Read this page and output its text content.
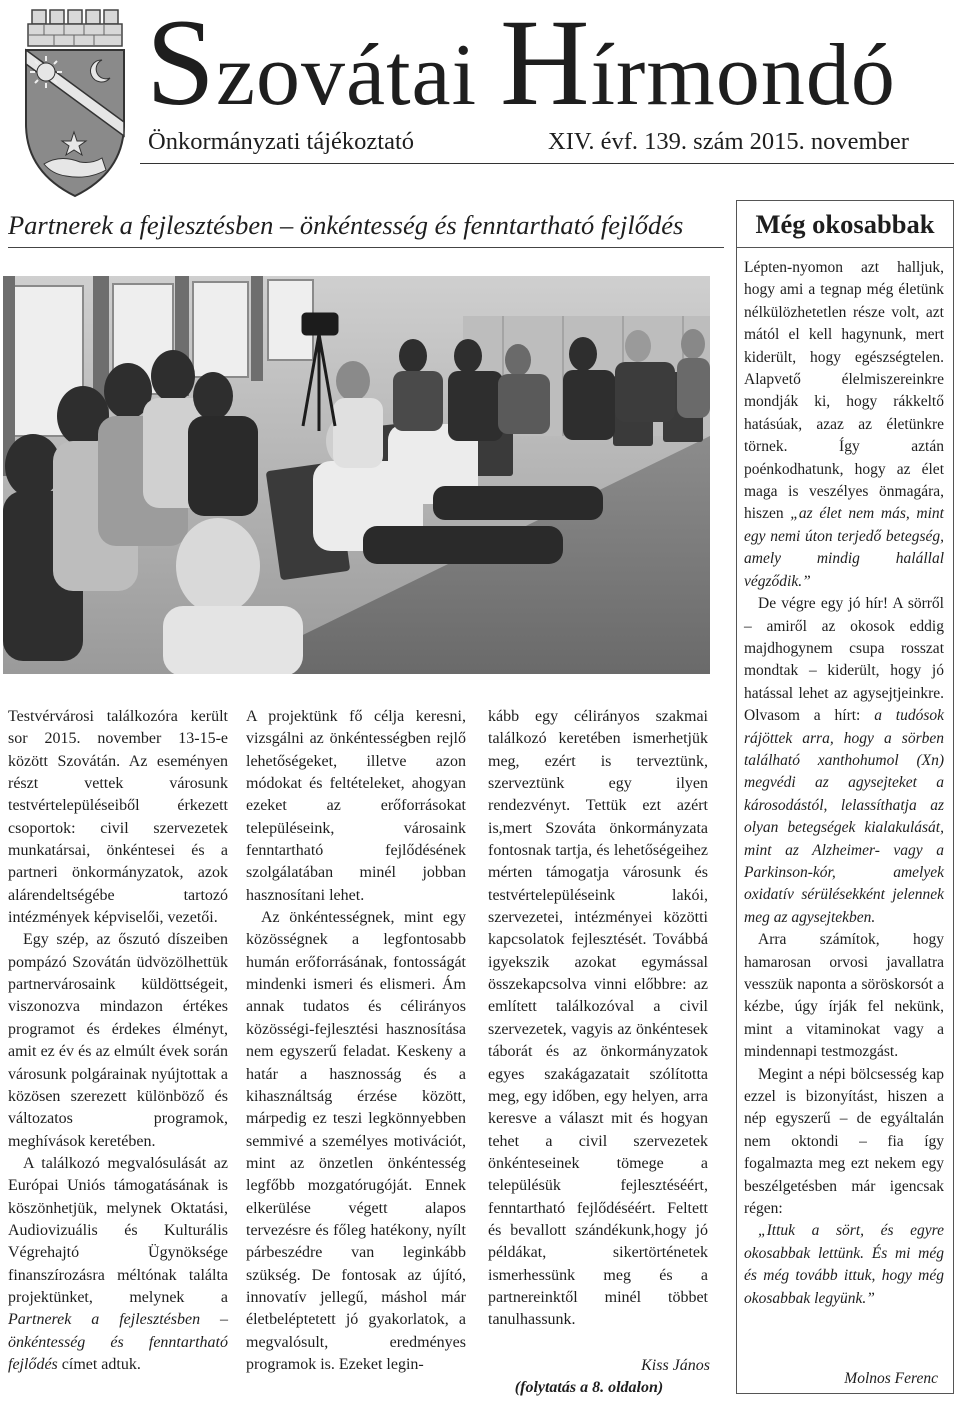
Szovátai Hírmondó
Önkormányzati tájékoztató	XIV. évf. 139. szám 2015. november
Partnerek a fejlesztésben – önkéntesség és fenntartható fejlődés

Testvérvárosi találkozóra került sor 2015. november 13-15-e között Szovátán. Az eseményen részt vettek városunk testvértelepüléseiből érkezett csoportok: civil szervezetek munkatársai, önkéntesei és a partneri önkormányzatok, azok alárendeltségébe tartozó intézmények képviselői, vezetői.

Egy szép, az őszutó díszeiben pompázó Szovátán üdvözölhettük partnervárosaink küldöttségeit, viszonozva mindazon értékes programot és érdekes élményt, amit ez év és az elmúlt évek során városunk polgárainak nyújtottak a közösen szerezett különböző és változatos programok, meghívások keretében.

A találkozó megvalósulását az Európai Uniós támogatásának is köszönhetjük, melynek Oktatási, Audiovizuális és Kulturális Végrehajtó Ügynöksége finanszírozásra méltónak találta projektünket, melynek a Partnerek a fejlesztésben – önkéntesség és fenntartható fejlődés címet adtuk.

A projektünk fő célja keresni, vizsgálni az önkéntességben rejlő lehetőségeket, illetve azon módokat és feltételeket, ahogyan ezeket az erőforrásokat településeink, városaink fenntartható fejlődésének szolgálatában minél jobban hasznosítani lehet.

Az önkéntességnek, mint egy közösségnek a legfontosabb humán erőforrásának, fontosságát mindenki ismeri és elismeri. Ám annak tudatos és célirányos közösségi-fejlesztési hasznosítása nem egyszerű feladat. Keskeny a határ a hasznosság és a kihasználtság érzése között, márpedig ez teszi legkönnyebben semmivé a személyes motivációt, mint az önzetlen önkéntesség legfőbb mozgatórugóját. Ennek elkerülése végett alapos tervezésre és főleg hatékony, nyílt párbeszédre van leginkább szükség. De fontosak az újító, innovatív jellegű, máshol már életbeléptetett jó gyakorlatok, a megvalósult, eredményes programok is. Ezeket legin-

kább egy célirányos szakmai találkozó keretében ismerhetjük meg, ezért is terveztünk, szerveztünk egy ilyen rendezvényt. Tettük ezt azért is,mert Szováta önkormányzata fontosnak tartja, és lehetőségeihez mérten támogatja városunk és testvértelepüléseink lakói, szervezetei, intézményei közötti kapcsolatok fejlesztését. Továbbá igyekszik azokat egymással összekapcsolva vinni előbbre: az említett találkozóval a civil szervezetek, vagyis az önkéntesek táborát és az önkormányzatok egyes szakágazatait szólította meg, egy időben, egy helyen, arra keresve a választ mit és hogyan tehet a civil szervezetek önkénteseinek tömege a településük fejlesztéséért, fenntartható fejlődéséért. Feltett és bevallott szándékunk,hogy jó példákat, sikertörténetek ismerhessünk meg és a partnereinktől minél többet tanulhassunk.

Kiss János
(folytatás a 8. oldalon)
Még okosabbak

Lépten-nyomon azt halljuk, hogy ami a tegnap még életünk nélkülözhetetlen része volt, azt mától el kell hagynunk, mert kiderült, hogy egészségtelen. Alapvető élelmiszereinkre mondják ki, hogy rákkeltő hatásúak, azaz az életünkre törnek. Így aztán poénkodhatunk, hogy az élet maga is veszélyes önmagára, hiszen „az élet nem más, mint egy nemi úton terjedő betegség, amely mindig halállal végződik.”

De végre egy jó hír! A sörről – amiről az okosok eddig majdhogynem csupa rosszat mondtak – kiderült, hogy jó hatással lehet az agysejtjeinkre. Olvasom a hírt: a tudósok rájöttek arra, hogy a sörben található xanthohumol (Xn) megvédi az agysejteket a károsodástól, lelassíthatja az olyan betegségek kialakulását, mint az Alzheimer- vagy a Parkinson-kór, amelyek oxidatív sérülésekként jelennek meg az agysejtekben.

Arra számítok, hogy hamarosan orvosi javallatra vesszük naponta a söröskorsót a kézbe, úgy írják fel nekünk, mint a vitaminokat vagy a mindennapi testmozgást.

Megint a népi bölcsesség kap ezzel is bizonyítást, hiszen a nép egyszerű – de egyáltalán nem oktondi – fia így fogalmazta meg ezt nekem egy beszélgetésben már igencsak régen:

„Ittuk a sört, és egyre okosabbak lettünk. És mi még és még tovább ittuk, hogy még okosabbak legyünk.”

Molnos Ferenc
